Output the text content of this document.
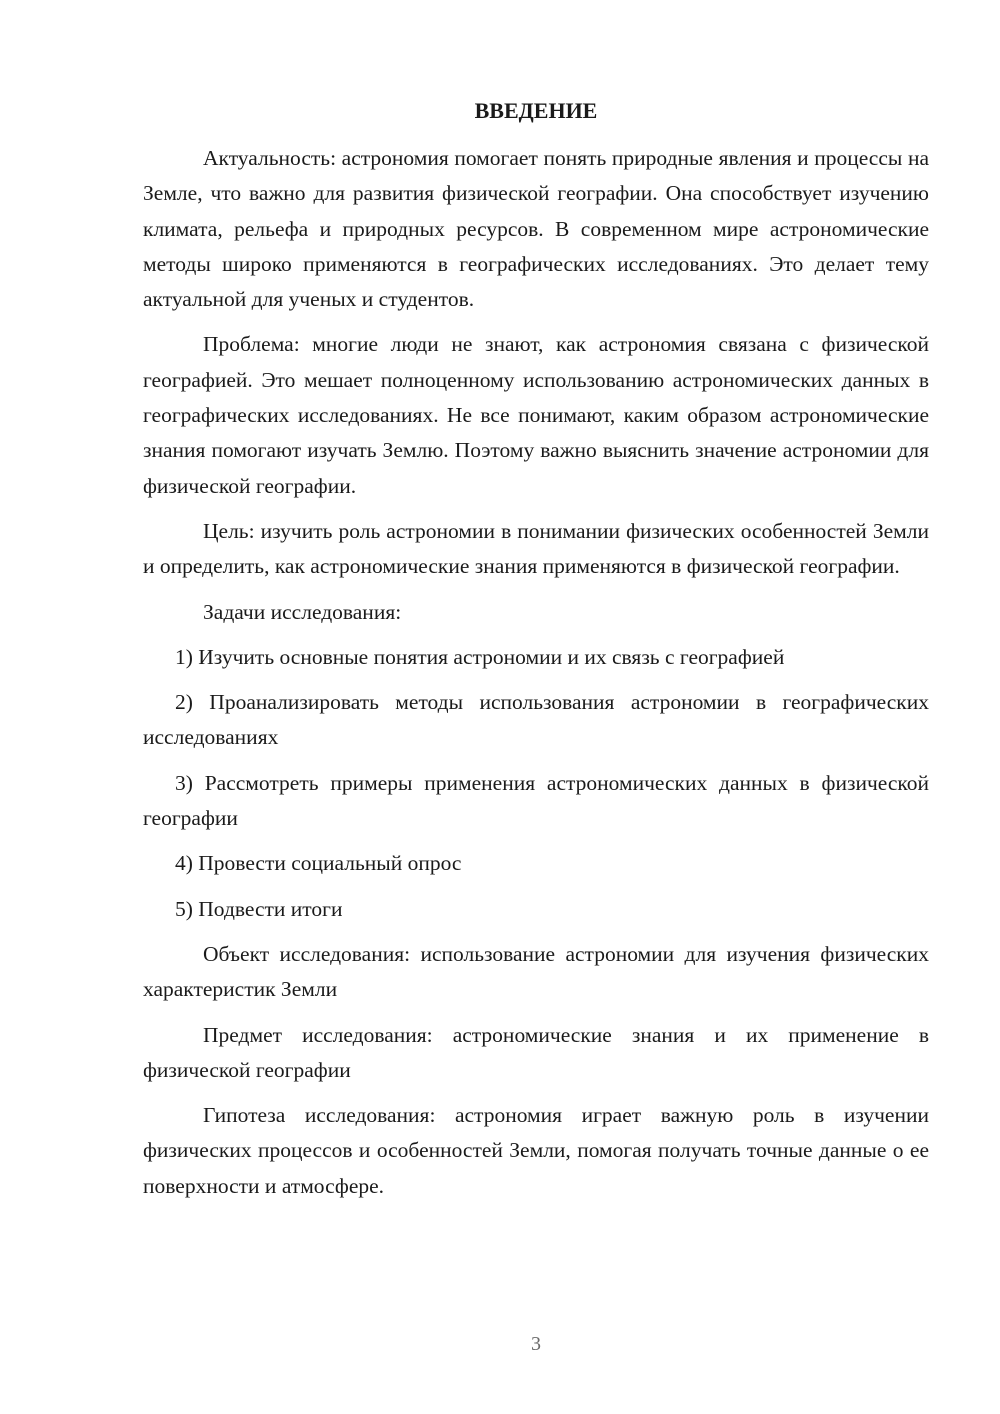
ВВЕДЕНИЕ

Актуальность: астрономия помогает понять природные явления и процессы на Земле, что важно для развития физической географии. Она способствует изучению климата, рельефа и природных ресурсов. В современном мире астрономические методы широко применяются в географических исследованиях. Это делает тему актуальной для ученых и студентов.

Проблема: многие люди не знают, как астрономия связана с физической географией. Это мешает полноценному использованию астрономических данных в географических исследованиях. Не все понимают, каким образом астрономические знания помогают изучать Землю. Поэтому важно выяснить значение астрономии для физической географии.

Цель: изучить роль астрономии в понимании физических особенностей Земли и определить, как астрономические знания применяются в физической географии.

Задачи исследования:

1) Изучить основные понятия астрономии и их связь с географией

2) Проанализировать методы использования астрономии в географических исследованиях

3) Рассмотреть примеры применения астрономических данных в физической географии

4) Провести социальный опрос

5) Подвести итоги

Объект исследования: использование астрономии для изучения физических характеристик Земли

Предмет исследования: астрономические знания и их применение в физической географии

Гипотеза исследования: астрономия играет важную роль в изучении физических процессов и особенностей Земли, помогая получать точные данные о ее поверхности и атмосфере.

3
